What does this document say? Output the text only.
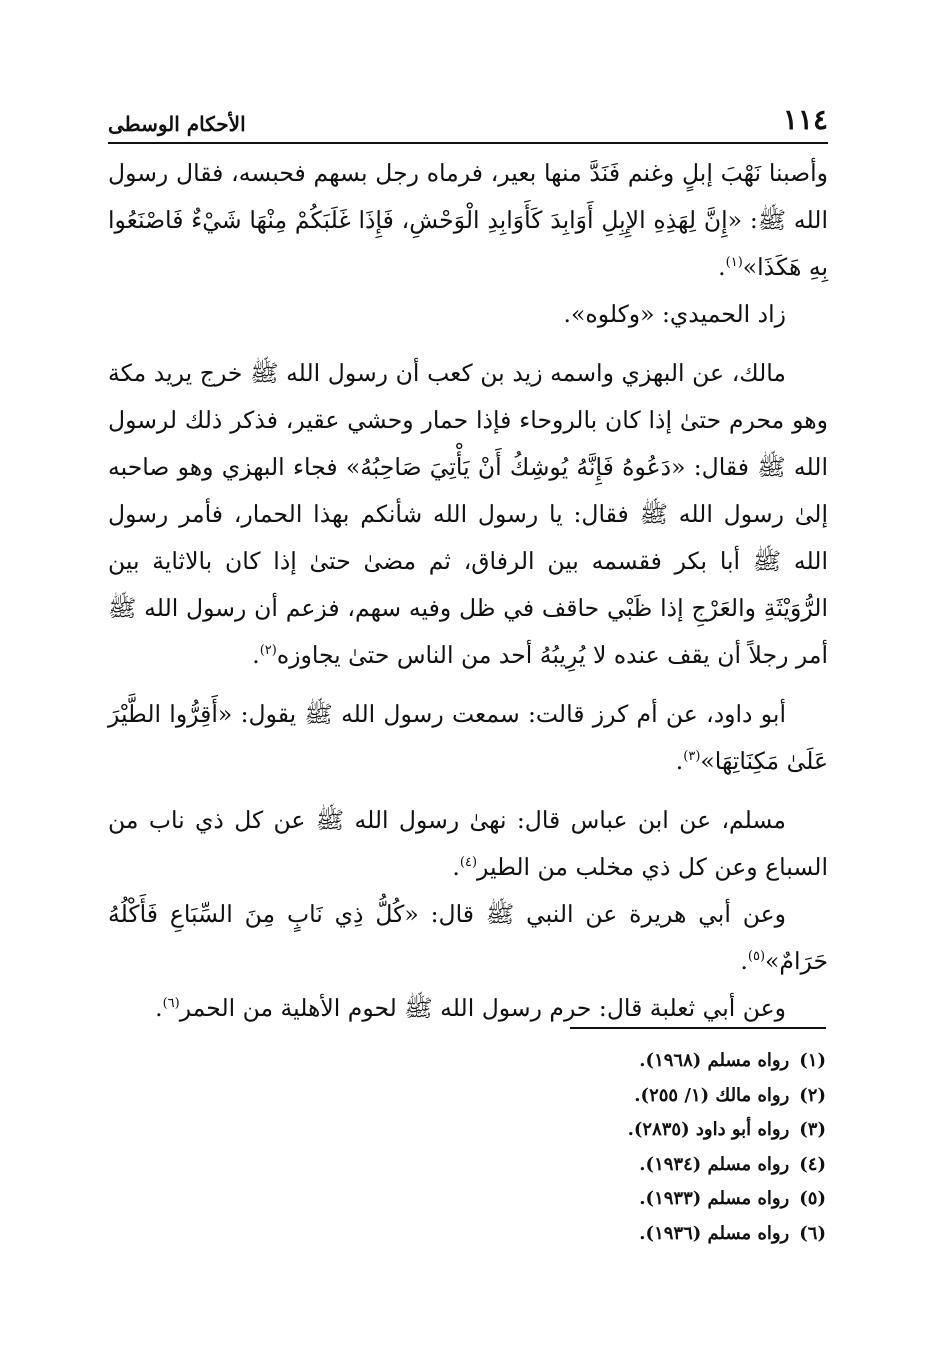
١١٤
الأحكام الوسطى

وأصبنا نَهْبَ إبلٍ وغنم فَنَدَّ منها بعير، فرماه رجل بسهم فحبسه، فقال رسول الله ﷺ: «إِنَّ لِهَذِهِ الإِبِلِ أَوَابِدَ كَأَوَابِدِ الْوَحْشِ، فَإِذَا غَلَبَكُمْ مِنْهَا شَيْءٌ فَاصْنَعُوا بِهِ هَكَذَا»$^{(١)}$.

زاد الحميدي: «وكلوه».

مالك، عن البهزي واسمه زيد بن كعب أن رسول الله ﷺ خرج يريد مكة وهو محرم حتىٰ إذا كان بالروحاء فإذا حمار وحشي عقير، فذكر ذلك لرسول الله ﷺ فقال: «دَعُوهُ فَإِنَّهُ يُوشِكُ أَنْ يَأْتِيَ صَاحِبُهُ» فجاء البهزي وهو صاحبه إلىٰ رسول الله ﷺ فقال: يا رسول الله شأنكم بهذا الحمار، فأمر رسول الله ﷺ أبا بكر فقسمه بين الرفاق، ثم مضىٰ حتىٰ إذا كان بالاثاية بين الرُّوَيْثَةِ والعَرْجِ إذا ظَبْي حاقف في ظل وفيه سهم، فزعم أن رسول الله ﷺ أمر رجلاً أن يقف عنده لا يُرِيبُهُ أحد من الناس حتىٰ يجاوزه$^{(٢)}$.

أبو داود، عن أم كرز قالت: سمعت رسول الله ﷺ يقول: «أَقِرُّوا الطَّيْرَ عَلَىٰ مَكِنَاتِهَا»$^{(٣)}$.

مسلم، عن ابن عباس قال: نهىٰ رسول الله ﷺ عن كل ذي ناب من السباع وعن كل ذي مخلب من الطير$^{(٤)}$.

وعن أبي هريرة عن النبي ﷺ قال: «كُلُّ ذِي نَابٍ مِنَ السِّبَاعِ فَأَكْلُهُ حَرَامٌ»$^{(٥)}$.

وعن أبي ثعلبة قال: حرم رسول الله ﷺ لحوم الأهلية من الحمر$^{(٦)}$.

(١)
رواه مسلم (١٩٦٨).
(٢)
رواه مالك (١/ ٢٥٥).
(٣)
رواه أبو داود (٢٨٣٥).
(٤)
رواه مسلم (١٩٣٤).
(٥)
رواه مسلم (١٩٣٣).
(٦)
رواه مسلم (١٩٣٦).
